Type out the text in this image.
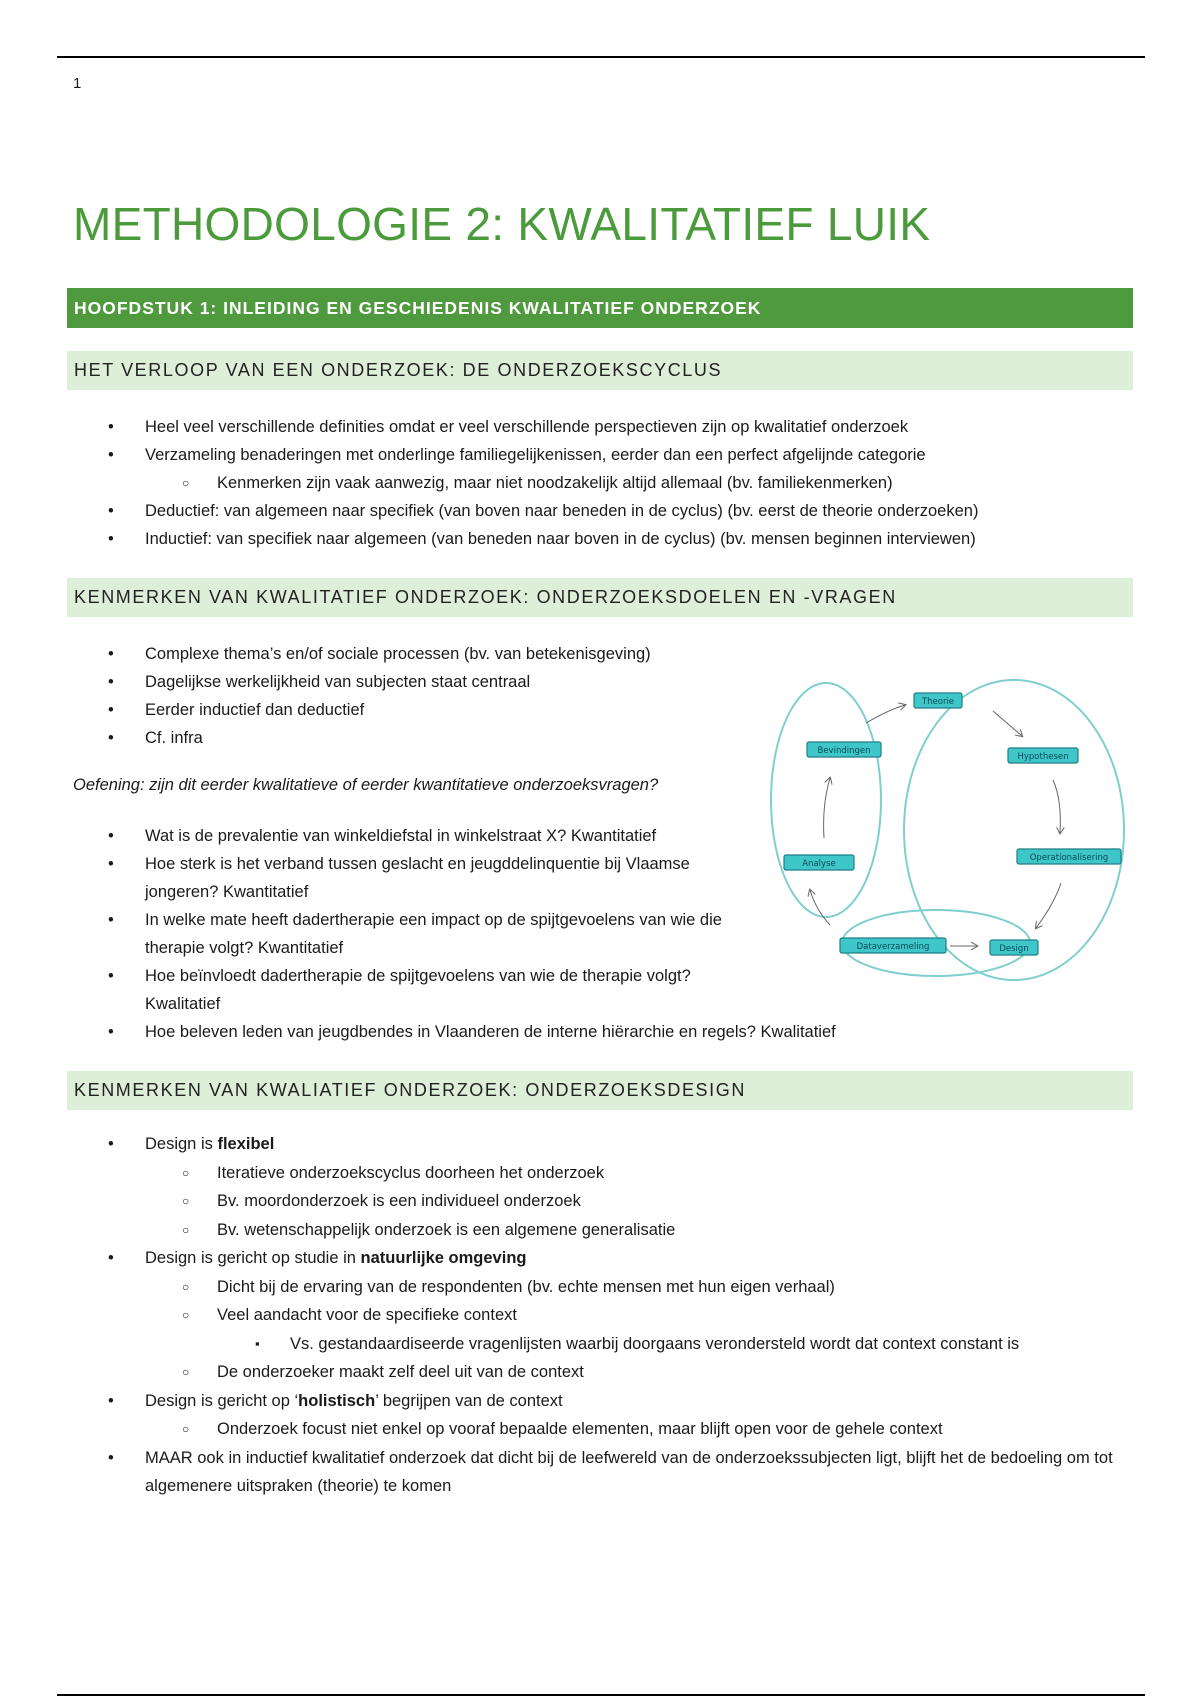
1
METHODOLOGIE 2: KWALITATIEF LUIK
HOOFDSTUK 1: INLEIDING EN GESCHIEDENIS KWALITATIEF ONDERZOEK
HET VERLOOP VAN EEN ONDERZOEK: DE ONDERZOEKSCYCLUS
• Heel veel verschillende definities omdat er veel verschillende perspectieven zijn op kwalitatief onderzoek
• Verzameling benaderingen met onderlinge familiegelijkenissen, eerder dan een perfect afgelijnde categorie
○ Kenmerken zijn vaak aanwezig, maar niet noodzakelijk altijd allemaal (bv. familiekenmerken)
• Deductief: van algemeen naar specifiek (van boven naar beneden in de cyclus) (bv. eerst de theorie onderzoeken)
• Inductief: van specifiek naar algemeen (van beneden naar boven in de cyclus) (bv. mensen beginnen interviewen)
KENMERKEN VAN KWALITATIEF ONDERZOEK: ONDERZOEKSDOELEN EN -VRAGEN
• Complexe thema’s en/of sociale processen (bv. van betekenisgeving)
• Dagelijkse werkelijkheid van subjecten staat centraal
• Eerder inductief dan deductief
• Cf. infra
Oefening: zijn dit eerder kwalitatieve of eerder kwantitatieve onderzoeksvragen?
• Wat is de prevalentie van winkeldiefstal in winkelstraat X? Kwantitatief
• Hoe sterk is het verband tussen geslacht en jeugddelinquentie bij Vlaamse jongeren? Kwantitatief
• In welke mate heeft dadertherapie een impact op de spijtgevoelens van wie die therapie volgt? Kwantitatief
• Hoe beïnvloedt dadertherapie de spijtgevoelens van wie de therapie volgt? Kwalitatief
• Hoe beleven leden van jeugdbendes in Vlaanderen de interne hiërarchie en regels? Kwalitatief
Theorie
Hypothesen
Operationalisering
Design
Dataverzameling
Analyse
Bevindingen
KENMERKEN VAN KWALIATIEF ONDERZOEK: ONDERZOEKSDESIGN
• Design is flexibel
○ Iteratieve onderzoekscyclus doorheen het onderzoek
○ Bv. moordonderzoek is een individueel onderzoek
○ Bv. wetenschappelijk onderzoek is een algemene generalisatie
• Design is gericht op studie in natuurlijke omgeving
○ Dicht bij de ervaring van de respondenten (bv. echte mensen met hun eigen verhaal)
○ Veel aandacht voor de specifieke context
▪ Vs. gestandaardiseerde vragenlijsten waarbij doorgaans verondersteld wordt dat context constant is
○ De onderzoeker maakt zelf deel uit van de context
• Design is gericht op ‘holistisch’ begrijpen van de context
○ Onderzoek focust niet enkel op vooraf bepaalde elementen, maar blijft open voor de gehele context
• MAAR ook in inductief kwalitatief onderzoek dat dicht bij de leefwereld van de onderzoekssubjecten ligt, blijft het de bedoeling om tot algemenere uitspraken (theorie) te komen
